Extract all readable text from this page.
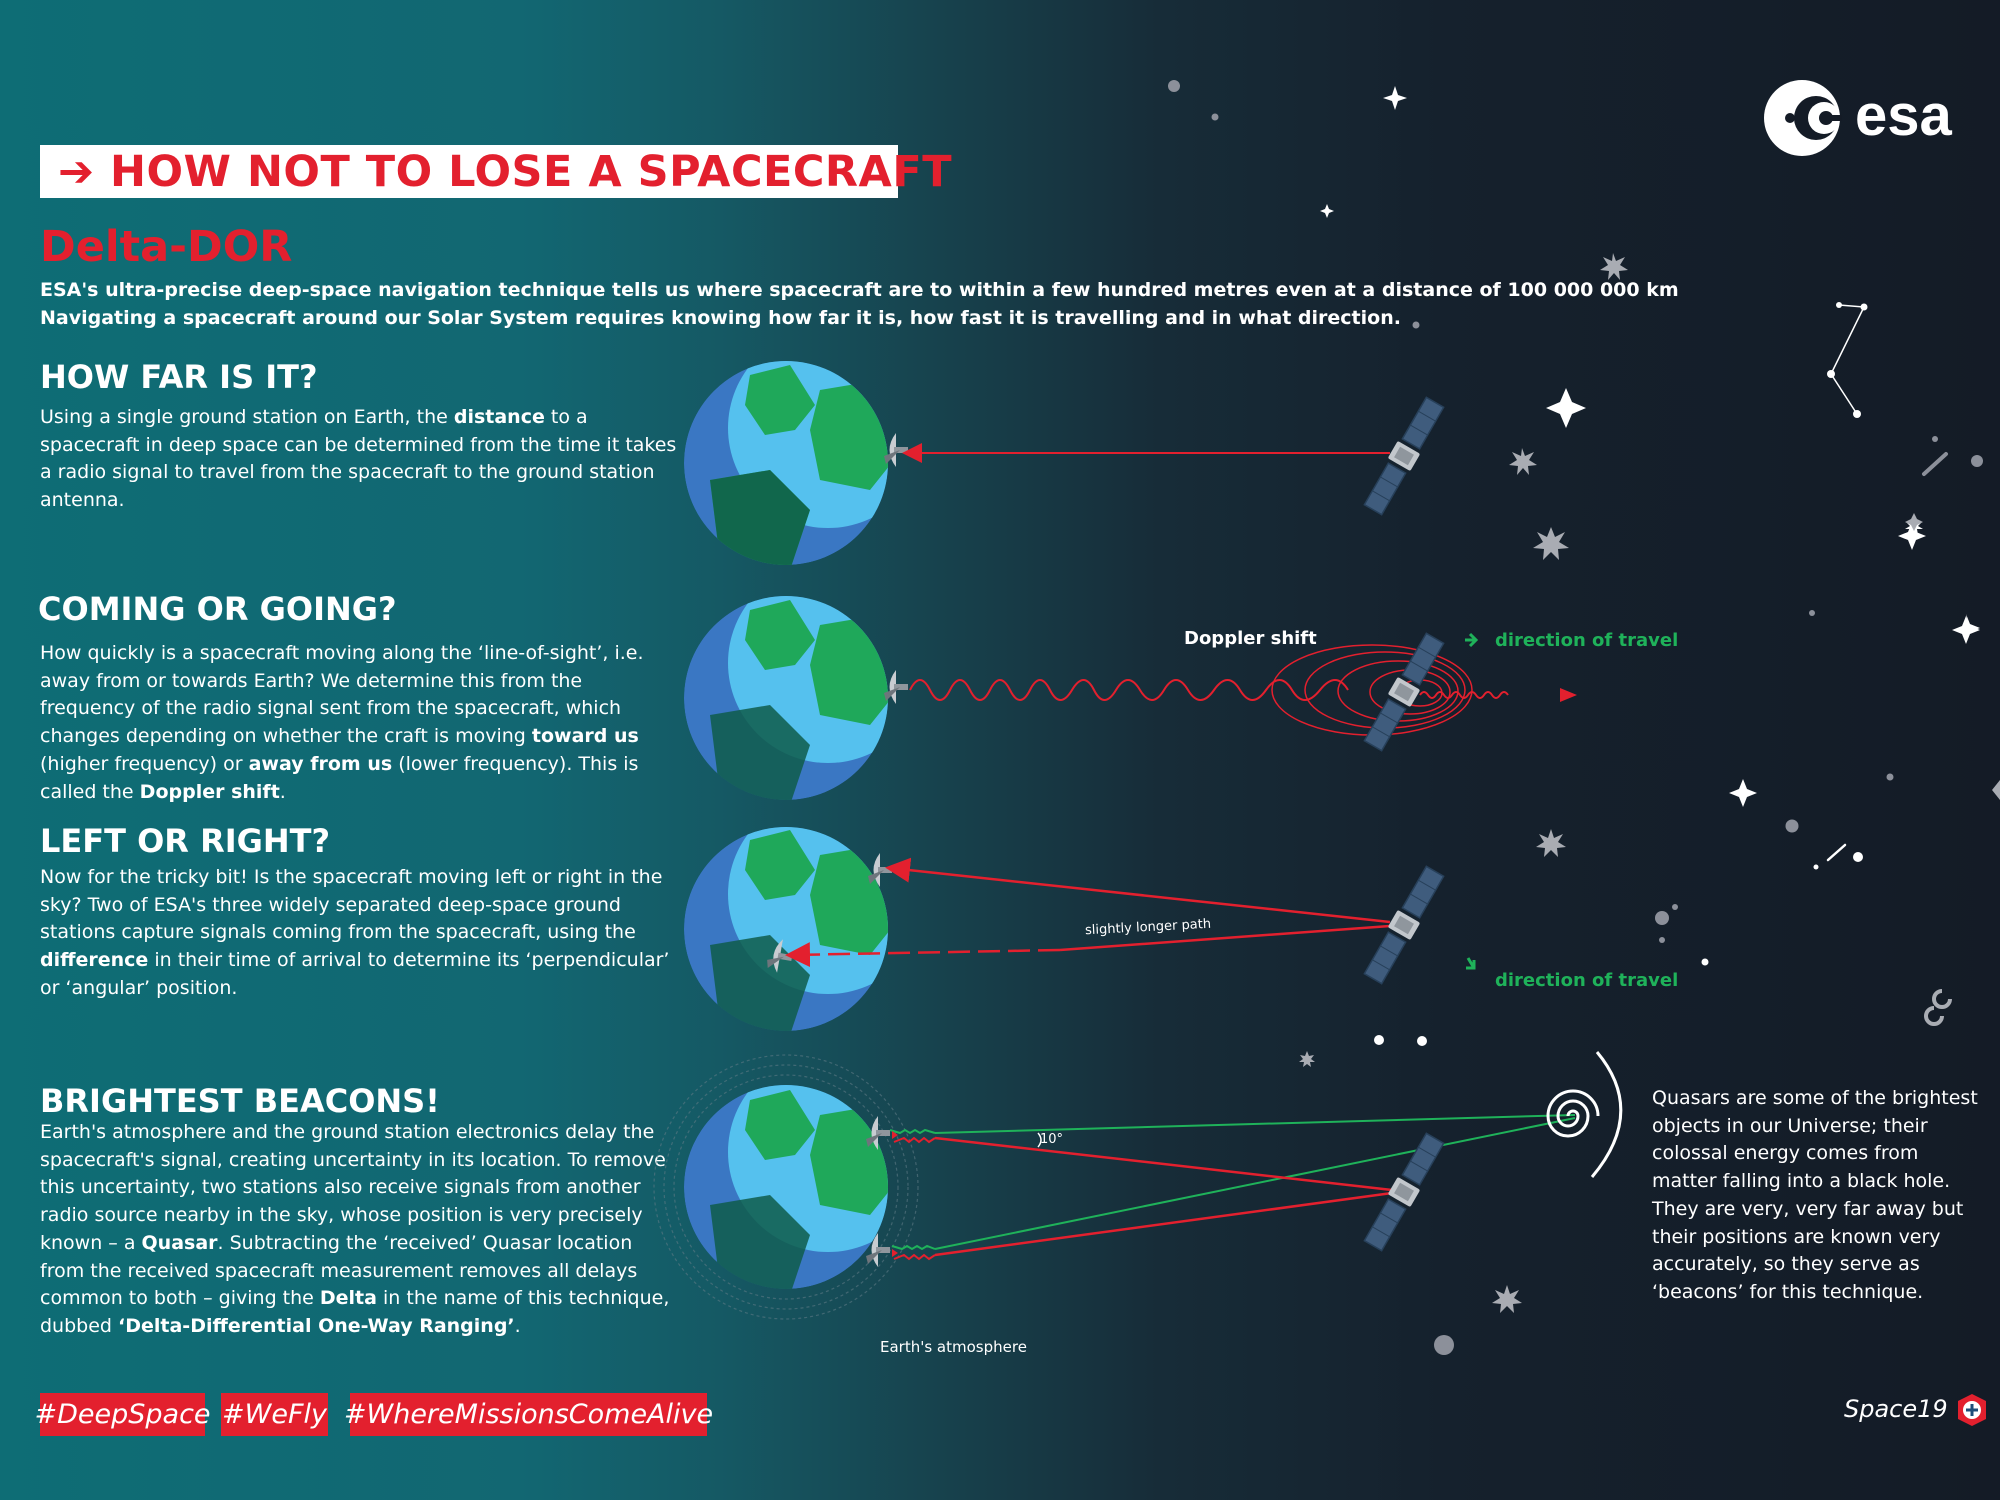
esa
➔ HOW NOT TO LOSE A SPACECRAFT
Delta-DOR
ESA's ultra-precise deep-space navigation technique tells us where spacecraft are to within a few hundred metres even at a distance of 100 000 000 km
Navigating a spacecraft around our Solar System requires knowing how far it is, how fast it is travelling and in what direction.
HOW FAR IS IT?
Using a single ground station on Earth, the distance to a spacecraft in deep space can be determined from the time it takes a radio signal to travel from the spacecraft to the ground station antenna.
COMING OR GOING?
How quickly is a spacecraft moving along the ‘line-of-sight’, i.e. away from or towards Earth? We determine this from the frequency of the radio signal sent from the spacecraft, which changes depending on whether the craft is moving toward us (higher frequency) or away from us (lower frequency). This is called the Doppler shift.
LEFT OR RIGHT?
Now for the tricky bit! Is the spacecraft moving left or right in the sky? Two of ESA's three widely separated deep-space ground stations capture signals coming from the spacecraft, using the difference in their time of arrival to determine its ‘perpendicular’ or ‘angular’ position.
BRIGHTEST BEACONS!
Earth's atmosphere and the ground station electronics delay the spacecraft's signal, creating uncertainty in its location. To remove this uncertainty, two stations also receive signals from another radio source nearby in the sky, whose position is very precisely known – a Quasar. Subtracting the ‘received’ Quasar location from the received spacecraft measurement removes all delays common to both – giving the Delta in the name of this technique, dubbed ‘Delta-Differential One-Way Ranging’.
Doppler shift	direction of travel
slightly longer path
direction of travel
10°
Earth's atmosphere
Quasars are some of the brightest objects in our Universe; their colossal energy comes from matter falling into a black hole. They are very, very far away but their positions are known very accurately, so they serve as ‘beacons’ for this technique.
#DeepSpace #WeFly #WhereMissionsComeAlive	Space19
